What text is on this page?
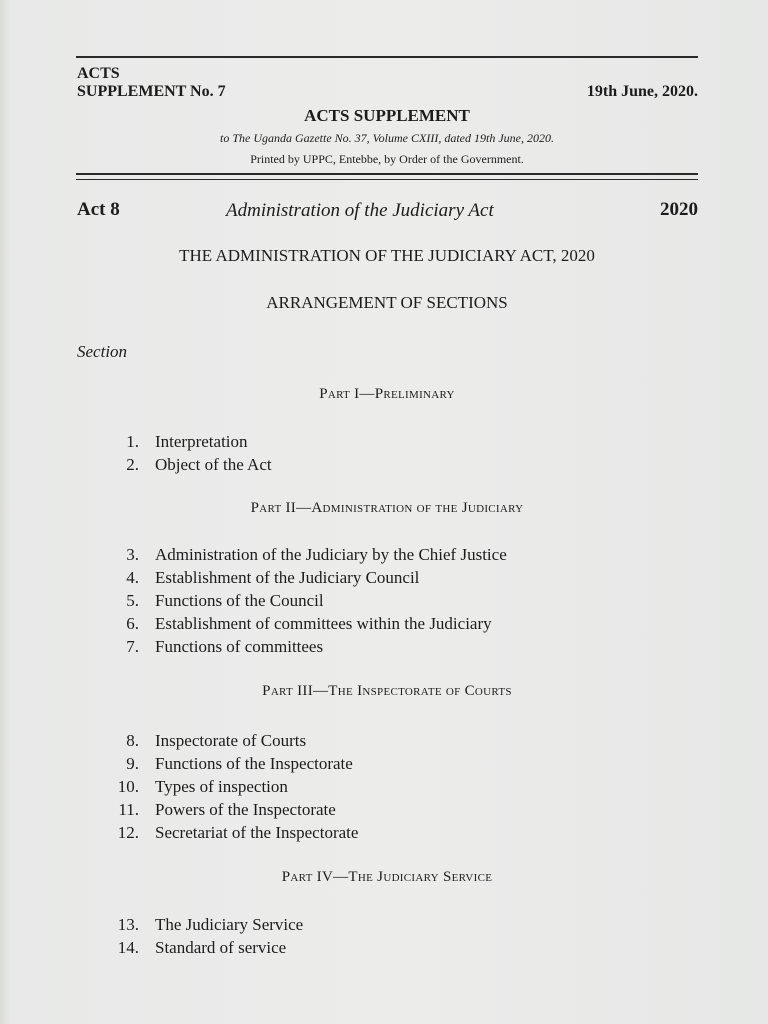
ACTS
SUPPLEMENT No. 7	19th June, 2020.
ACTS SUPPLEMENT
to The Uganda Gazette No. 37, Volume CXIII, dated 19th June, 2020.
Printed by UPPC, Entebbe, by Order of the Government.
Act 8	Administration of the Judiciary Act	2020
THE ADMINISTRATION OF THE JUDICIARY ACT, 2020
ARRANGEMENT OF SECTIONS
Section
Part I—Preliminary
1. Interpretation
2. Object of the Act
Part II—Administration of the Judiciary
3. Administration of the Judiciary by the Chief Justice
4. Establishment of the Judiciary Council
5. Functions of the Council
6. Establishment of committees within the Judiciary
7. Functions of committees
Part III—The Inspectorate of Courts
8. Inspectorate of Courts
9. Functions of the Inspectorate
10. Types of inspection
11. Powers of the Inspectorate
12. Secretariat of the Inspectorate
Part IV—The Judiciary Service
13. The Judiciary Service
14. Standard of service
